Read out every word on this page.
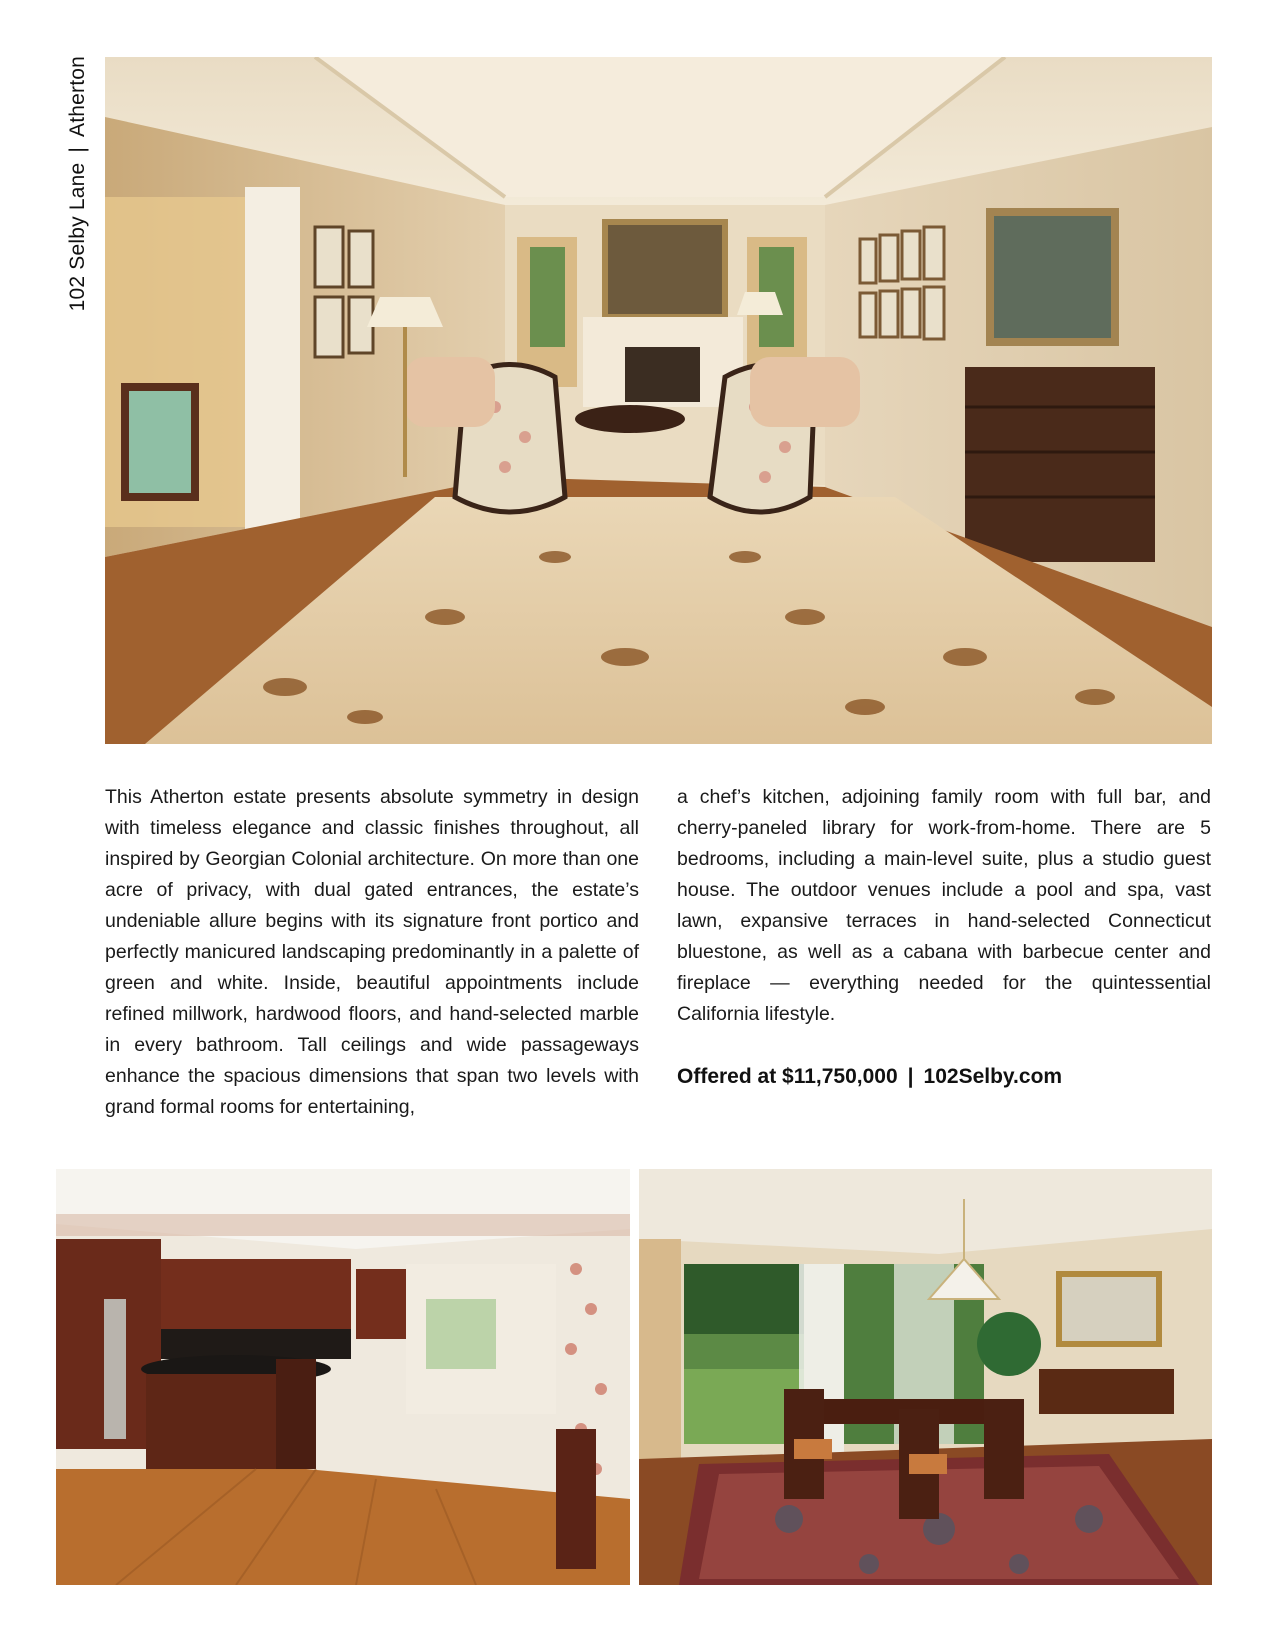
102 Selby Lane
|
Atherton
This Atherton estate presents absolute symmetry in design with timeless elegance and classic finishes throughout, all inspired by Georgian Colonial architecture. On more than one acre of privacy, with dual gated entrances, the estate’s undeniable allure begins with its signature front portico and perfectly manicured landscaping predominantly in a palette of green and white. Inside, beautiful appointments include refined millwork, hardwood floors, and hand-selected marble in every bathroom. Tall ceilings and wide passageways enhance the spacious dimensions that span two levels with grand formal rooms for entertaining,
a chef’s kitchen, adjoining family room with full bar, and cherry-paneled library for work-from-home. There are 5 bedrooms, including a main-level suite, plus a studio guest house. The outdoor venues include a pool and spa, vast lawn, expansive terraces in hand-selected Connecticut bluestone, as well as a cabana with barbecue center and fireplace — everything needed for the quintessential California lifestyle.
Offered at $11,750,000 | 102Selby.com
